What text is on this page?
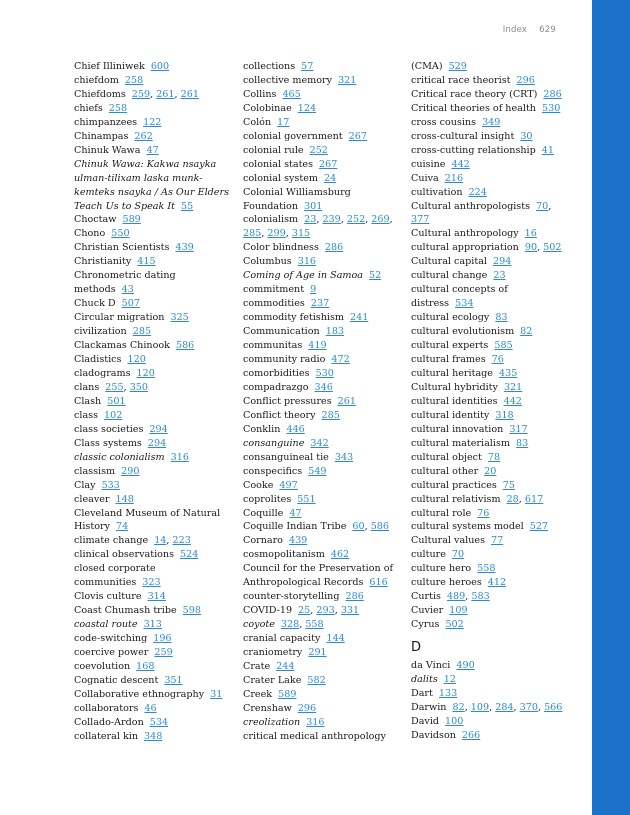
Index 629
Chief Illiniwek 600
chiefdom 258
Chiefdoms 259, 261, 261
chiefs 258
chimpanzees 122
Chinampas 262
Chinuk Wawa 47
Chinuk Wawa: Kakwa nsayka ulman-tilixam laska munk-kemteks nsayka / As Our Elders Teach Us to Speak It 55
Choctaw 589
Chono 550
Christian Scientists 439
Christianity 415
Chronometric dating methods 43
Chuck D 507
Circular migration 325
civilization 285
Clackamas Chinook 586
Cladistics 120
cladograms 120
clans 255, 350
Clash 501
class 102
class societies 294
Class systems 294
classic colonialism 316
classism 290
Clay 533
cleaver 148
Cleveland Museum of Natural History 74
climate change 14, 223
clinical observations 524
closed corporate communities 323
Clovis culture 314
Coast Chumash tribe 598
coastal route 313
code-switching 196
coercive power 259
coevolution 168
Cognatic descent 351
Collaborative ethnography 31
collaborators 46
Collado-Ardon 534
collateral kin 348
collections 57
collective memory 321
Collins 465
Colobinae 124
Colón 17
colonial government 267
colonial rule 252
colonial states 267
colonial system 24
Colonial Williamsburg Foundation 301
colonialism 23, 239, 252, 269, 285, 299, 315
Color blindness 286
Columbus 316
Coming of Age in Samoa 52
commitment 9
commodities 237
commodity fetishism 241
Communication 183
communitas 419
community radio 472
comorbidities 530
compadrazgo 346
Conflict pressures 261
Conflict theory 285
Conklin 446
consanguine 342
consanguineal tie 343
conspecifics 549
Cooke 497
coprolites 551
Coquille 47
Coquille Indian Tribe 60, 586
Cornaro 439
cosmopolitanism 462
Council for the Preservation of Anthropological Records 616
counter-storytelling 286
COVID-19 25, 293, 331
coyote 328, 558
cranial capacity 144
craniometry 291
Crate 244
Crater Lake 582
Creek 589
Crenshaw 296
creolization 316
critical medical anthropology
(CMA) 529
critical race theorist 296
Critical race theory (CRT) 286
Critical theories of health 530
cross cousins 349
cross-cultural insight 30
cross-cutting relationship 41
cuisine 442
Cuiva 216
cultivation 224
Cultural anthropologists 70, 377
Cultural anthropology 16
cultural appropriation 90, 502
Cultural capital 294
cultural change 23
cultural concepts of distress 534
cultural ecology 83
cultural evolutionism 82
cultural experts 585
cultural frames 76
cultural heritage 435
Cultural hybridity 321
cultural identities 442
cultural identity 318
cultural innovation 317
cultural materialism 83
cultural object 78
cultural other 20
cultural practices 75
cultural relativism 28, 617
cultural role 76
cultural systems model 527
Cultural values 77
culture 70
culture hero 558
culture heroes 412
Curtis 489, 583
Cuvier 109
Cyrus 502
D
da Vinci 490
dalits 12
Dart 133
Darwin 82, 109, 284, 370, 566
David 100
Davidson 266
